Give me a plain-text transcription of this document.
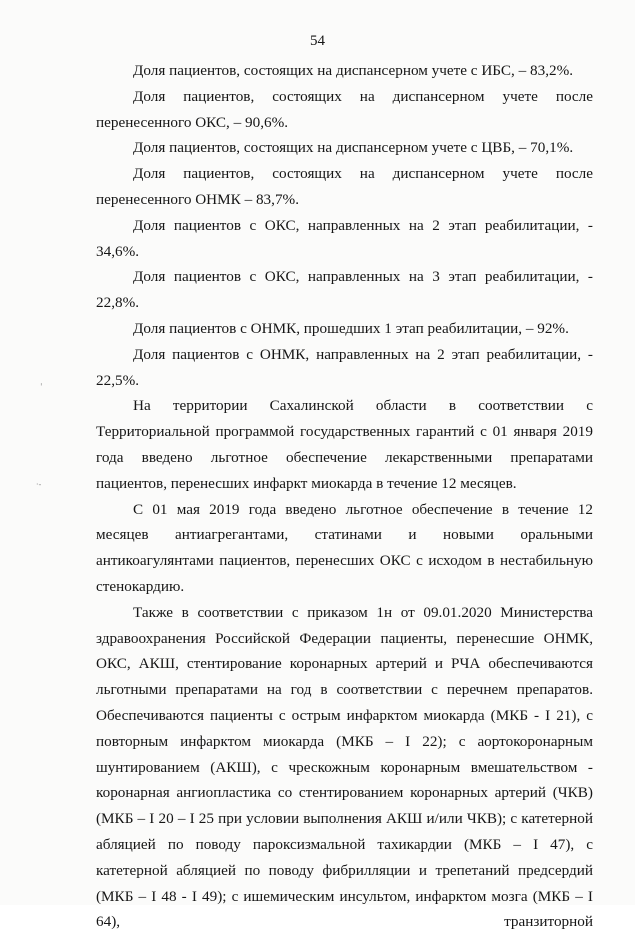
54
ˈ
·-

Доля пациентов, состоящих на диспансерном учете с ИБС, – 83,2%.

Доля пациентов, состоящих на диспансерном учете после перенесенного ОКС, – 90,6%.

Доля пациентов, состоящих на диспансерном учете с ЦВБ, – 70,1%.

Доля пациентов, состоящих на диспансерном учете после перенесенного ОНМК – 83,7%.

Доля пациентов с ОКС, направленных на 2 этап реабилитации, - 34,6%.

Доля пациентов с ОКС, направленных на 3 этап реабилитации, - 22,8%.

Доля пациентов с ОНМК, прошедших 1 этап реабилитации, – 92%.

Доля пациентов с ОНМК, направленных на 2 этап реабилитации, - 22,5%.

На территории Сахалинской области в соответствии с Территориальной программой государственных гарантий с 01 января 2019 года введено льготное обеспечение лекарственными препаратами пациентов, перенесших инфаркт миокарда в течение 12 месяцев.

С 01 мая 2019 года введено льготное обеспечение в течение 12 месяцев антиагрегантами, статинами и новыми оральными антикоагулянтами пациентов, перенесших ОКС с исходом в нестабильную стенокардию.

Также в соответствии с приказом 1н от 09.01.2020 Министерства здравоохранения Российской Федерации пациенты, перенесшие ОНМК, ОКС, АКШ, стентирование коронарных артерий и РЧА обеспечиваются льготными препаратами на год в соответствии с перечнем препаратов. Обеспечиваются пациенты с острым инфарктом миокарда (МКБ - I 21), с повторным инфарктом миокарда (МКБ – I 22); с аортокоронарным шунтированием (АКШ), с чрескожным коронарным вмешательством - коронарная ангиопластика со стентированием коронарных артерий (ЧКВ) (МКБ – I 20 – I 25 при условии выполнения АКШ и/или ЧКВ); с катетерной абляцией по поводу пароксизмальной тахикардии (МКБ – I 47), с катетерной абляцией по поводу фибрилляции и трепетаний предсердий (МКБ – I 48 - I 49); с ишемическим инсультом, инфарктом мозга (МКБ – I 64), транзиторной
